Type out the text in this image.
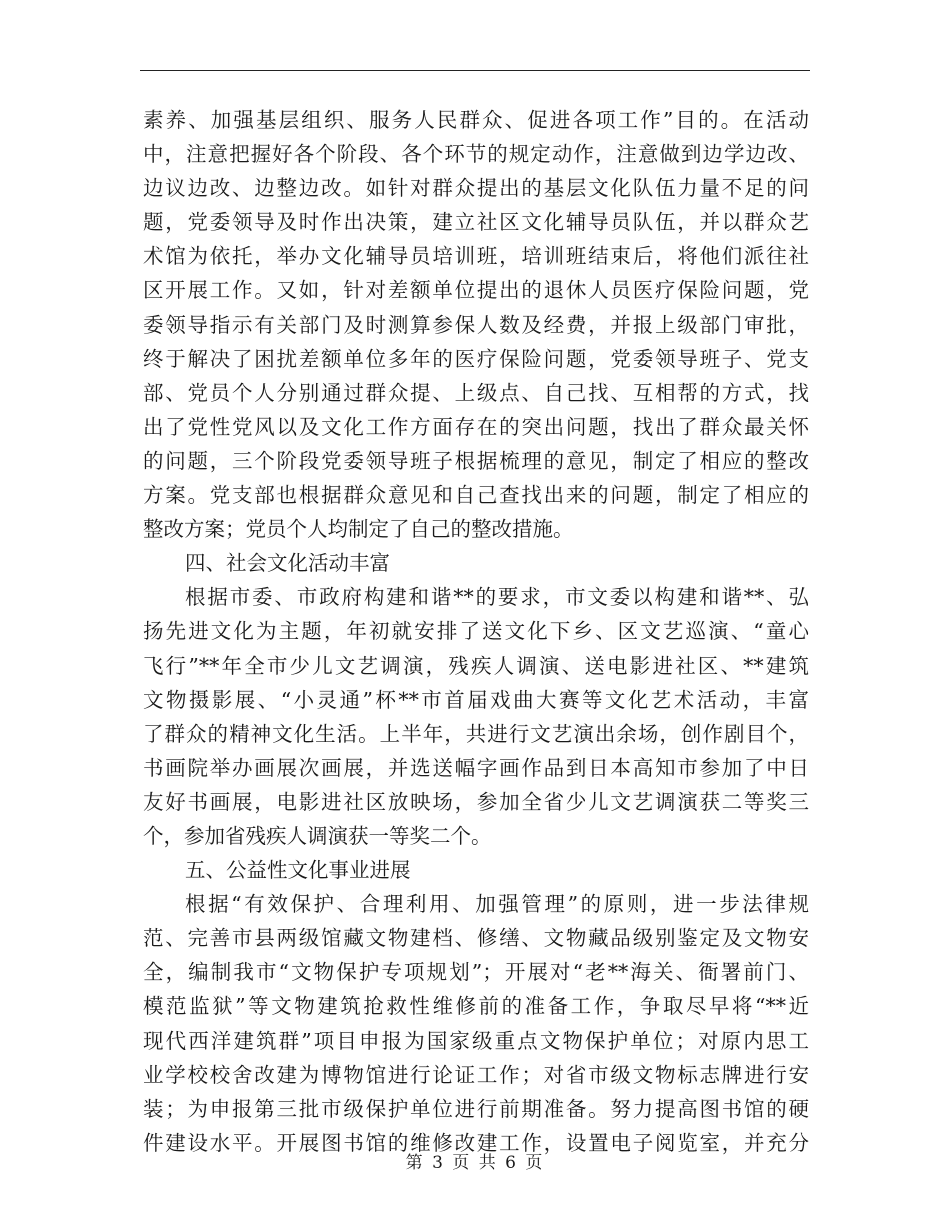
素养、加强基层组织、服务人民群众、促进各项工作”目的。在活动
中，注意把握好各个阶段、各个环节的规定动作，注意做到边学边改、
边议边改、边整边改。如针对群众提出的基层文化队伍力量不足的问
题，党委领导及时作出决策，建立社区文化辅导员队伍，并以群众艺
术馆为依托，举办文化辅导员培训班，培训班结束后，将他们派往社
区开展工作。又如，针对差额单位提出的退休人员医疗保险问题，党
委领导指示有关部门及时测算参保人数及经费，并报上级部门审批，
终于解决了困扰差额单位多年的医疗保险问题，党委领导班子、党支
部、党员个人分别通过群众提、上级点、自己找、互相帮的方式，找
出了党性党风以及文化工作方面存在的突出问题，找出了群众最关怀
的问题，三个阶段党委领导班子根据梳理的意见，制定了相应的整改
方案。党支部也根据群众意见和自己查找出来的问题，制定了相应的
整改方案；党员个人均制定了自己的整改措施。
四、社会文化活动丰富
根据市委、市政府构建和谐**的要求，市文委以构建和谐**、弘
扬先进文化为主题，年初就安排了送文化下乡、区文艺巡演、“童心
飞行”**年全市少儿文艺调演，残疾人调演、送电影进社区、**建筑
文物摄影展、“小灵通”杯**市首届戏曲大赛等文化艺术活动，丰富
了群众的精神文化生活。上半年，共进行文艺演出余场，创作剧目个，
书画院举办画展次画展，并选送幅字画作品到日本高知市参加了中日
友好书画展，电影进社区放映场，参加全省少儿文艺调演获二等奖三
个，参加省残疾人调演获一等奖二个。
五、公益性文化事业进展
根据“有效保护、合理利用、加强管理”的原则，进一步法律规
范、完善市县两级馆藏文物建档、修缮、文物藏品级别鉴定及文物安
全，编制我市“文物保护专项规划”；开展对“老**海关、衙署前门、
模范监狱”等文物建筑抢救性维修前的准备工作，争取尽早将“**近
现代西洋建筑群”项目申报为国家级重点文物保护单位；对原内思工
业学校校舍改建为博物馆进行论证工作；对省市级文物标志牌进行安
装；为申报第三批市级保护单位进行前期准备。努力提高图书馆的硬
件建设水平。开展图书馆的维修改建工作，设置电子阅览室，并充分
第 3 页 共 6 页
